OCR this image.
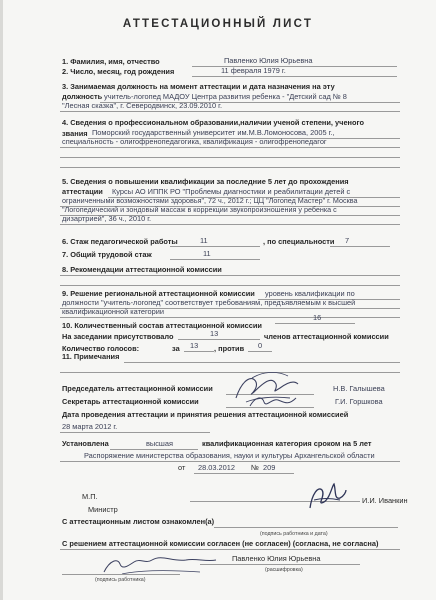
АТТЕСТАЦИОННЫЙ ЛИСТ
1. Фамилия, имя, отчество	Павленко Юлия Юрьевна
2. Число, месяц, год рождения	11 февраля 1979 г.
3. Занимаемая должность на момент аттестации и дата назначения на эту
должность учитель-логопед МАДОУ Центра развития ребенка - "Детский сад № 8
"Лесная сказка", г. Северодвинск, 23.09.2010 г.
4. Сведения о профессиональном образовании,наличии ученой степени, ученого
звания Поморский государственный университет им.М.В.Ломоносова, 2005 г.,
специальность - олигофренопедагогика, квалификация - олигофренопедагог
5. Сведения о повышении квалификации за последние 5 лет до прохождения
аттестации Курсы АО ИППК РО "Проблемы диагностики и реабилитации детей с
ограниченными возможностями здоровья", 72 ч., 2012 г.; ЦЦ "Логопед Мастер" г. Москва
"Логопедический и зондовый массаж в коррекции звукопроизношения у ребенка с
дизартрией", 36 ч., 2010 г.
6. Стаж педагогической работы	11	, по специальности 7
7. Общий трудовой стаж	11
8. Рекомендации аттестационной комиссии
9. Решение региональной аттестационной комиссии уровень квалификации по
должности "учитель-логопед" соответствует требованиям, предъявляемым к высшей
квалификационной категории
10. Количественный состав аттестационной комиссии
16
На заседании присутствовало	13	членов аттестационной комиссии
Количество голосов:	за 13 , против 0
11. Примечания
Председатель аттестационной комиссии	Н.В. Галышева
Секретарь аттестационной комиссии	Г.И. Горшкова
Дата проведения аттестации и принятия решения аттестационной комиссией
28 марта 2012 г.
Установлена	высшая	квалификационная категория сроком на 5 лет
Распоряжение министерства образования, науки и культуры Архангельской области
от 28.03.2012 № 209
М.П.
Министр
И.И. Иванкин
С аттестационным листом ознакомлен(а)
(подпись работника и дата)
С решением аттестационной комиссии согласен (не согласен) (согласна, не согласна)
Павленко Юлия Юрьевна
(подпись работника)
(расшифровка)
